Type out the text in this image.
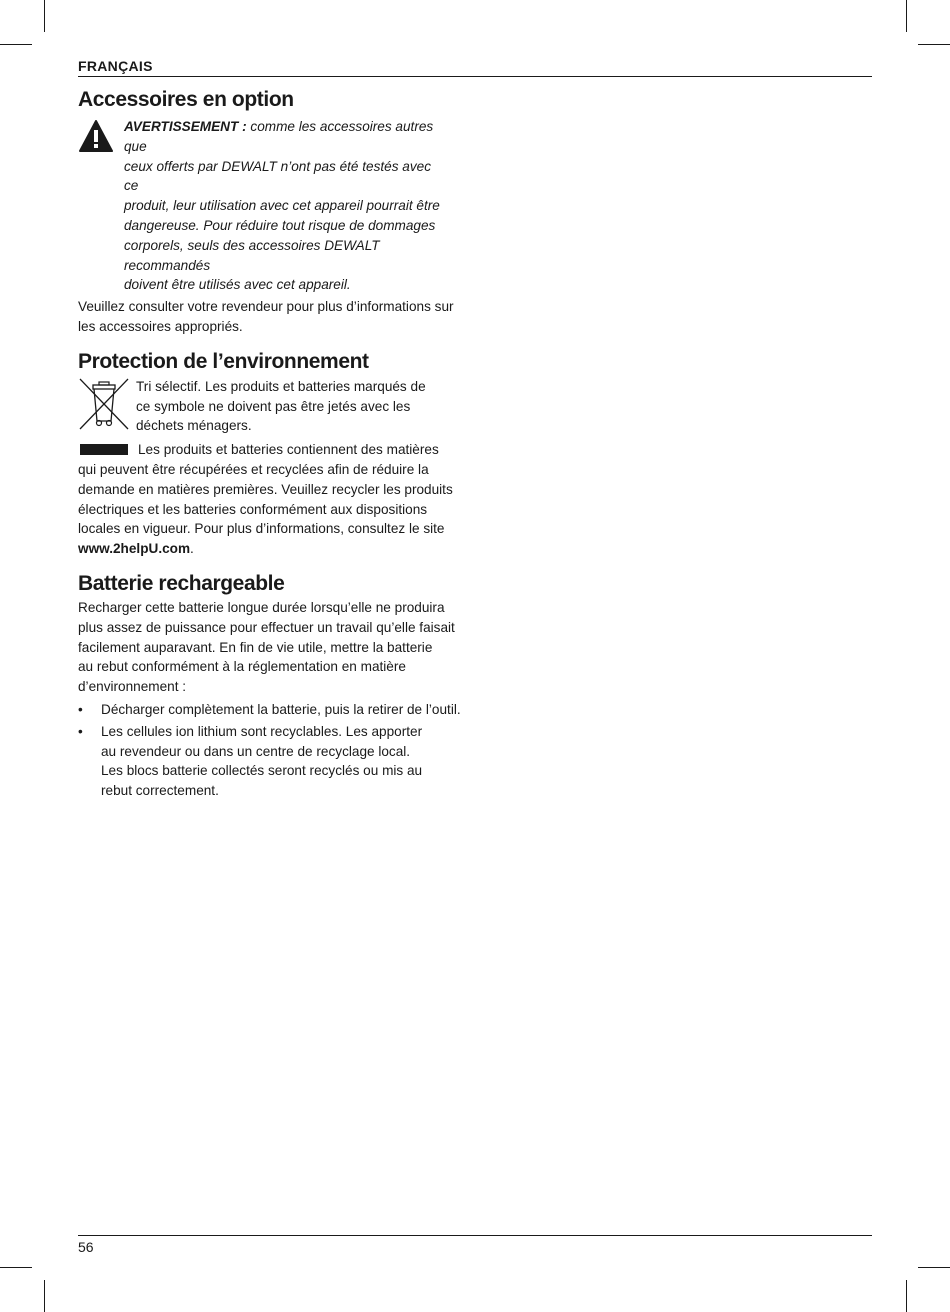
FRANÇAIS
Accessoires en option
AVERTISSEMENT : comme les accessoires autres que
ceux offerts par DEWALT n’ont pas été testés avec ce
produit, leur utilisation avec cet appareil pourrait être
dangereuse. Pour réduire tout risque de dommages
corporels, seuls des accessoires DEWALT recommandés
doivent être utilisés avec cet appareil.

Veuillez consulter votre revendeur pour plus d’informations sur
les accessoires appropriés.

Protection de l’environnement

Tri sélectif. Les produits et batteries marqués de
ce symbole ne doivent pas être jetés avec les
déchets ménagers.

Les produits et batteries contiennent des matières
qui peuvent être récupérées et recyclées afin de réduire la
demande en matières premières. Veuillez recycler les produits
électriques et les batteries conformément aux dispositions
locales en vigueur. Pour plus d’informations, consultez le site
www.2helpU.com.

Batterie rechargeable

Recharger cette batterie longue durée lorsqu’elle ne produira
plus assez de puissance pour effectuer un travail qu’elle faisait
facilement auparavant. En fin de vie utile, mettre la batterie
au rebut conformément à la réglementation en matière
d’environnement :

• Décharger complètement la batterie, puis la retirer de l’outil.
• Les cellules ion lithium sont recyclables. Les apporter
au revendeur ou dans un centre de recyclage local.
Les blocs batterie collectés seront recyclés ou mis au
rebut correctement.
56
